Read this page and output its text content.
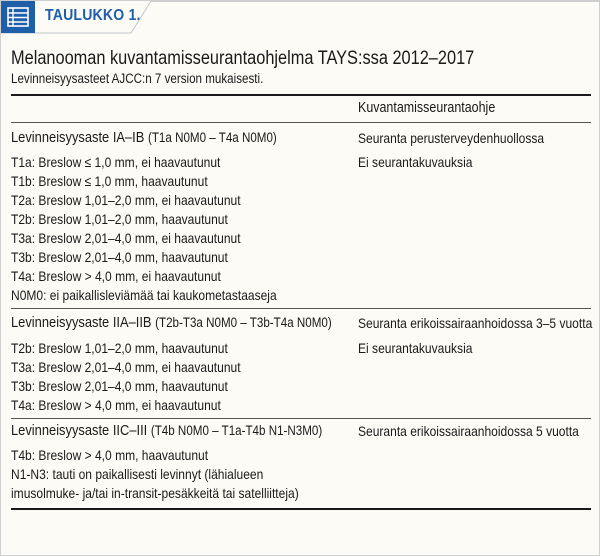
TAULUKKO 1.
Melanooman kuvantamisseurantaohjelma TAYS:ssa 2012–2017
Levinneisyysasteet AJCC:n 7 version mukaisesti.
Kuvantamisseurantaohje
Levinneisyysaste IA–IB (T1a N0M0 – T4a N0M0)	Seuranta perusterveydenhuollossa
Ei seurantakuvauksia
T1a: Breslow ≤ 1,0 mm, ei haavautunut
T1b: Breslow ≤ 1,0 mm, haavautunut
T2a: Breslow 1,01–2,0 mm, ei haavautunut
T2b: Breslow 1,01–2,0 mm, haavautunut
T3a: Breslow 2,01–4,0 mm, ei haavautunut
T3b: Breslow 2,01–4,0 mm, haavautunut
T4a: Breslow > 4,0 mm, ei haavautunut
N0M0: ei paikallisleviämää tai kaukometastaaseja
Levinneisyysaste IIA–IIB (T2b-T3a N0M0 – T3b-T4a N0M0) Seuranta erikoissairaanhoidossa 3–5 vuotta
Ei seurantakuvauksia
T2b: Breslow 1,01–2,0 mm, haavautunut
T3a: Breslow 2,01–4,0 mm, ei haavautunut
T3b: Breslow 2,01–4,0 mm, haavautunut
T4a: Breslow > 4,0 mm, ei haavautunut
Levinneisyysaste IIC–III (T4b N0M0 – T1a-T4b N1-N3M0)	Seuranta erikoissairaanhoidossa 5 vuotta
T4b: Breslow > 4,0 mm, haavautunut
N1-N3: tauti on paikallisesti levinnyt (lähialueen
imusolmuke- ja/tai in-transit-pesäkkeitä tai satelliitteja)
